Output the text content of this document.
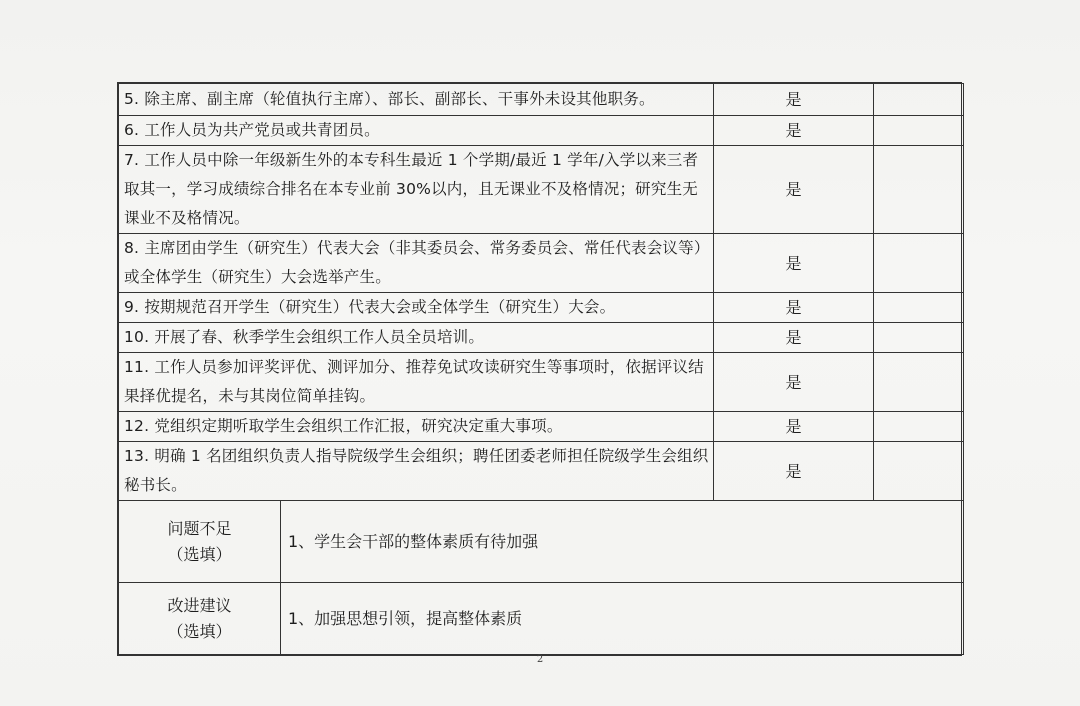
5. 除主席、副主席（轮值执行主席）、部长、副部长、干事外未设其他职务。		是	
6. 工作人员为共产党员或共青团员。		是	
7. 工作人员中除一年级新生外的本专科生最近 1 个学期/最近 1 学年/入学以来三者取其一，学习成绩综合排名在本专业前 30%以内，且无课业不及格情况；研究生无课业不及格情况。		是	
8. 主席团由学生（研究生）代表大会（非其委员会、常务委员会、常任代表会议等）或全体学生（研究生）大会选举产生。		是	
9. 按期规范召开学生（研究生）代表大会或全体学生（研究生）大会。		是	
10. 开展了春、秋季学生会组织工作人员全员培训。		是	
11. 工作人员参加评奖评优、测评加分、推荐免试攻读研究生等事项时，依据评议结果择优提名，未与其岗位简单挂钩。		是	
12. 党组织定期听取学生会组织工作汇报，研究决定重大事项。		是	
13. 明确 1 名团组织负责人指导院级学生会组织；聘任团委老师担任院级学生会组织秘书长。		是	

问题不足
（选填）	1、学生会干部的整体素质有待加强		

改进建议
（选填）	1、加强思想引领，提高整体素质		
2
